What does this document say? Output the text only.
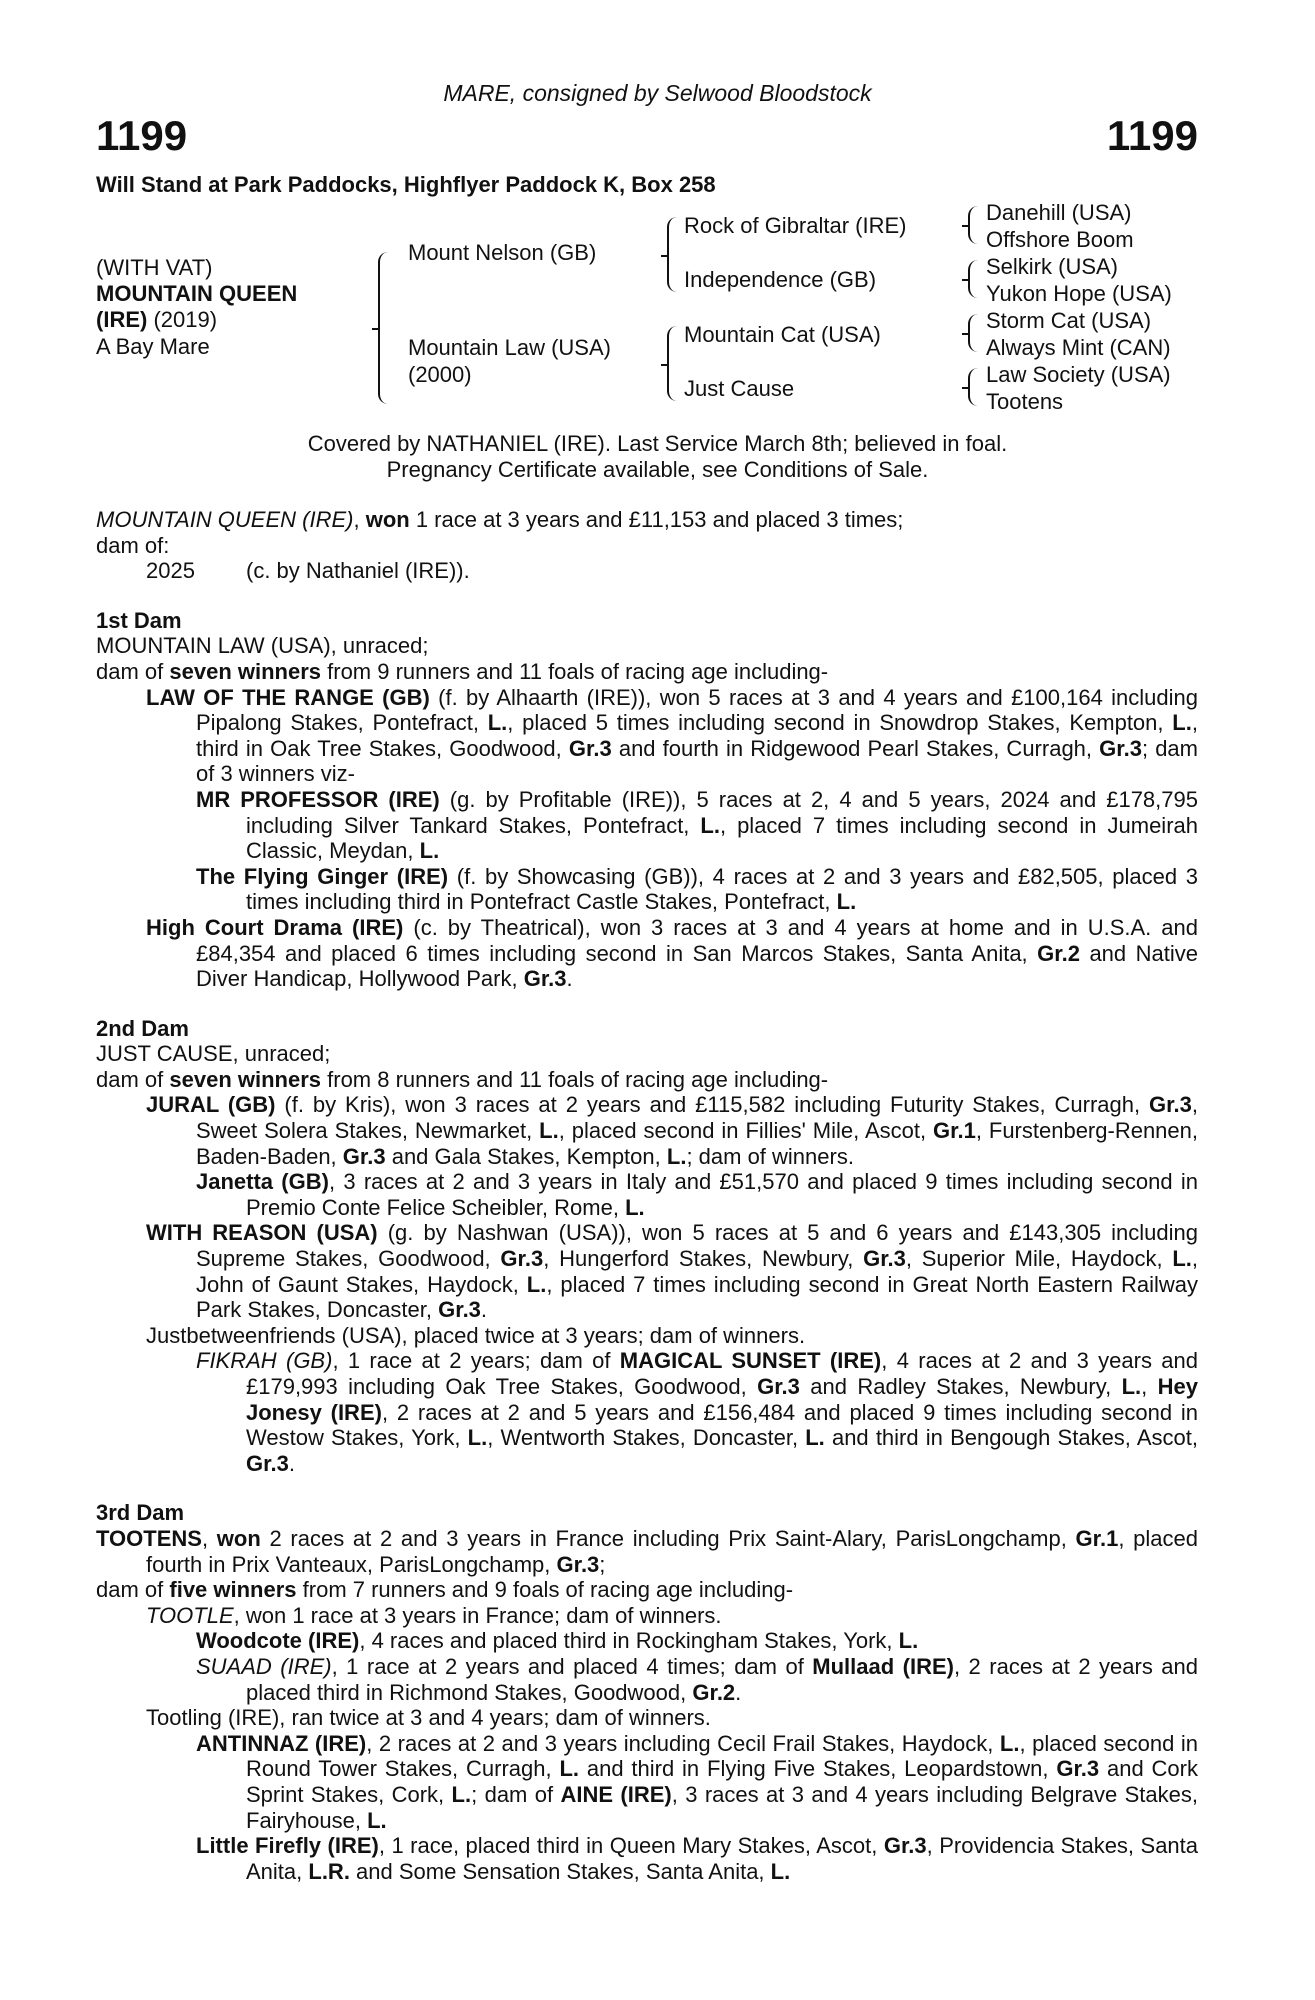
MARE, consigned by Selwood Bloodstock
1199	1199
Will Stand at Park Paddocks, Highflyer Paddock K, Box 258
(WITH VAT)
MOUNTAIN QUEEN
(IRE) (2019)
A Bay Mare
Mount Nelson (GB)
Mountain Law (USA)
(2000)
Rock of Gibraltar (IRE)
Independence (GB)
Mountain Cat (USA)
Just Cause
Danehill (USA)
Offshore Boom
Selkirk (USA)
Yukon Hope (USA)
Storm Cat (USA)
Always Mint (CAN)
Law Society (USA)
Tootens
Covered by NATHANIEL (IRE). Last Service March 8th; believed in foal.
Pregnancy Certificate available, see Conditions of Sale.
MOUNTAIN QUEEN (IRE), won 1 race at 3 years and £11,153 and placed 3 times;
dam of:
2025 (c. by Nathaniel (IRE)).
1st Dam
MOUNTAIN LAW (USA), unraced;
dam of seven winners from 9 runners and 11 foals of racing age including-
LAW OF THE RANGE (GB) (f. by Alhaarth (IRE)), won 5 races at 3 and 4 years and £100,164 including Pipalong Stakes, Pontefract, L., placed 5 times including second in Snowdrop Stakes, Kempton, L., third in Oak Tree Stakes, Goodwood, Gr.3 and fourth in Ridgewood Pearl Stakes, Curragh, Gr.3; dam of 3 winners viz-
MR PROFESSOR (IRE) (g. by Profitable (IRE)), 5 races at 2, 4 and 5 years, 2024 and £178,795 including Silver Tankard Stakes, Pontefract, L., placed 7 times including second in Jumeirah Classic, Meydan, L.
The Flying Ginger (IRE) (f. by Showcasing (GB)), 4 races at 2 and 3 years and £82,505, placed 3 times including third in Pontefract Castle Stakes, Pontefract, L.
High Court Drama (IRE) (c. by Theatrical), won 3 races at 3 and 4 years at home and in U.S.A. and £84,354 and placed 6 times including second in San Marcos Stakes, Santa Anita, Gr.2 and Native Diver Handicap, Hollywood Park, Gr.3.
2nd Dam
JUST CAUSE, unraced;
dam of seven winners from 8 runners and 11 foals of racing age including-
JURAL (GB) (f. by Kris), won 3 races at 2 years and £115,582 including Futurity Stakes, Curragh, Gr.3, Sweet Solera Stakes, Newmarket, L., placed second in Fillies' Mile, Ascot, Gr.1, Furstenberg-Rennen, Baden-Baden, Gr.3 and Gala Stakes, Kempton, L.; dam of winners.
Janetta (GB), 3 races at 2 and 3 years in Italy and £51,570 and placed 9 times including second in Premio Conte Felice Scheibler, Rome, L.
WITH REASON (USA) (g. by Nashwan (USA)), won 5 races at 5 and 6 years and £143,305 including Supreme Stakes, Goodwood, Gr.3, Hungerford Stakes, Newbury, Gr.3, Superior Mile, Haydock, L., John of Gaunt Stakes, Haydock, L., placed 7 times including second in Great North Eastern Railway Park Stakes, Doncaster, Gr.3.
Justbetweenfriends (USA), placed twice at 3 years; dam of winners.
FIKRAH (GB), 1 race at 2 years; dam of MAGICAL SUNSET (IRE), 4 races at 2 and 3 years and £179,993 including Oak Tree Stakes, Goodwood, Gr.3 and Radley Stakes, Newbury, L., Hey Jonesy (IRE), 2 races at 2 and 5 years and £156,484 and placed 9 times including second in Westow Stakes, York, L., Wentworth Stakes, Doncaster, L. and third in Bengough Stakes, Ascot, Gr.3.
3rd Dam
TOOTENS, won 2 races at 2 and 3 years in France including Prix Saint-Alary, ParisLongchamp, Gr.1, placed fourth in Prix Vanteaux, ParisLongchamp, Gr.3;
dam of five winners from 7 runners and 9 foals of racing age including-
TOOTLE, won 1 race at 3 years in France; dam of winners.
Woodcote (IRE), 4 races and placed third in Rockingham Stakes, York, L.
SUAAD (IRE), 1 race at 2 years and placed 4 times; dam of Mullaad (IRE), 2 races at 2 years and placed third in Richmond Stakes, Goodwood, Gr.2.
Tootling (IRE), ran twice at 3 and 4 years; dam of winners.
ANTINNAZ (IRE), 2 races at 2 and 3 years including Cecil Frail Stakes, Haydock, L., placed second in Round Tower Stakes, Curragh, L. and third in Flying Five Stakes, Leopardstown, Gr.3 and Cork Sprint Stakes, Cork, L.; dam of AINE (IRE), 3 races at 3 and 4 years including Belgrave Stakes, Fairyhouse, L.
Little Firefly (IRE), 1 race, placed third in Queen Mary Stakes, Ascot, Gr.3, Providencia Stakes, Santa Anita, L.R. and Some Sensation Stakes, Santa Anita, L.
